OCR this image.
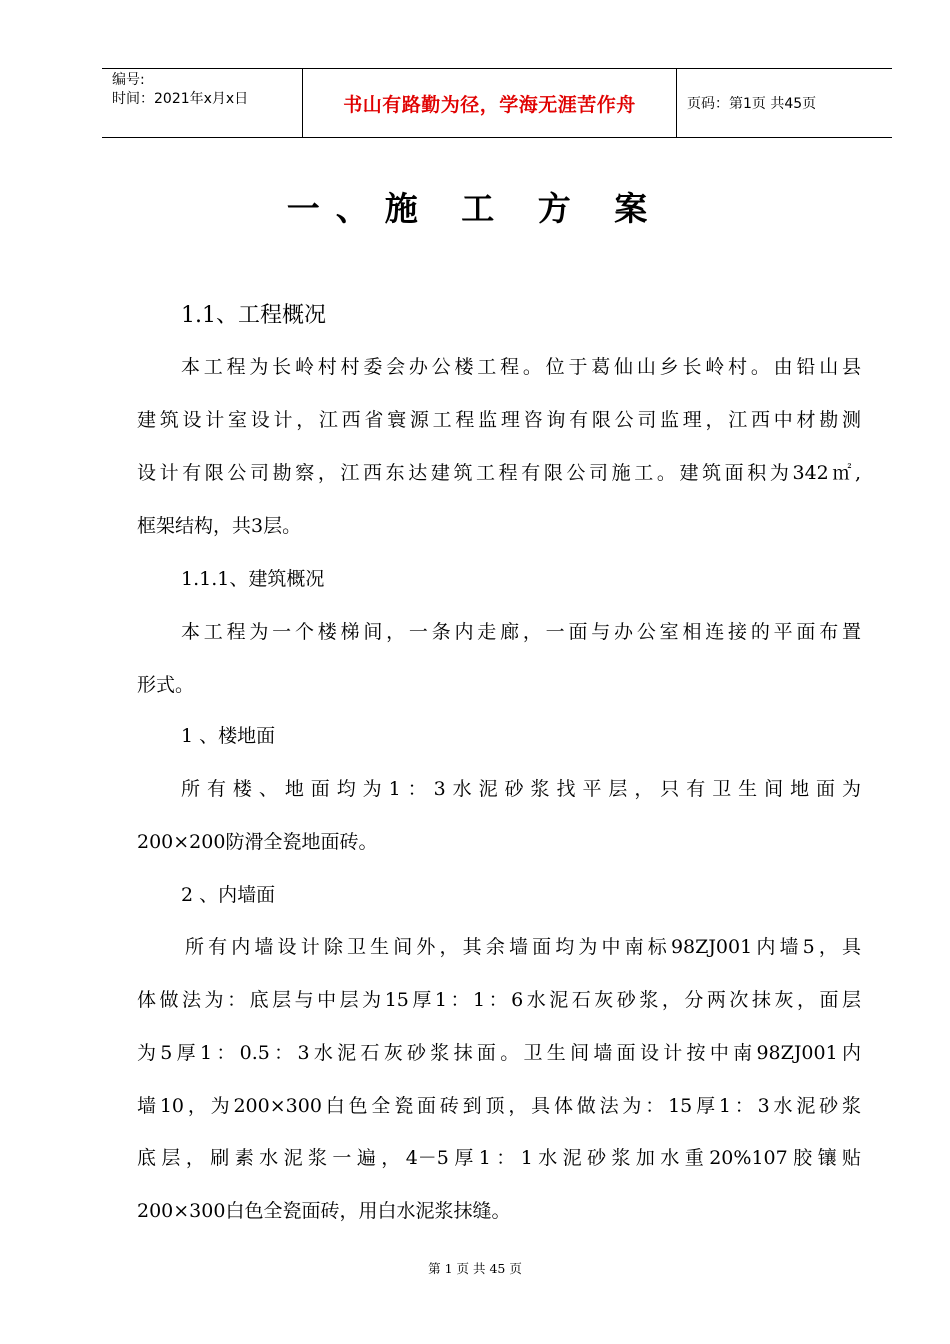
编号:
时间：2021年x月x日	书山有路勤为径，学海无涯苦作舟	页码：第1页 共45页
一、施 工 方 案
1.1、工程概况
本工程为长岭村村委会办公楼工程。位于葛仙山乡长岭村。由铅山县
建筑设计室设计，江西省寰源工程监理咨询有限公司监理，江西中材勘测
设计有限公司勘察，江西东达建筑工程有限公司施工。建筑面积为342㎡,
框架结构，共3层。
1.1.1、建筑概况
本工程为一个楼梯间，一条内走廊，一面与办公室相连接的平面布置
形式。
1 、楼地面
所有楼、地面均为1：3水泥砂浆找平层，只有卫生间地面为
200×200防滑全瓷地面砖。
2 、内墙面
所有内墙设计除卫生间外，其余墙面均为中南标98ZJ001内墙5，具
体做法为：底层与中层为15厚1：1：6水泥石灰砂浆，分两次抹灰，面层
为5厚1：0.5：3水泥石灰砂浆抹面。卫生间墙面设计按中南98ZJ001内
墙10，为200×300白色全瓷面砖到顶，具体做法为：15厚1：3水泥砂浆
底层，刷素水泥浆一遍，4－5厚1：1水泥砂浆加水重20%107胶镶贴
200×300白色全瓷面砖，用白水泥浆抹缝。
第 1 页 共 45 页
